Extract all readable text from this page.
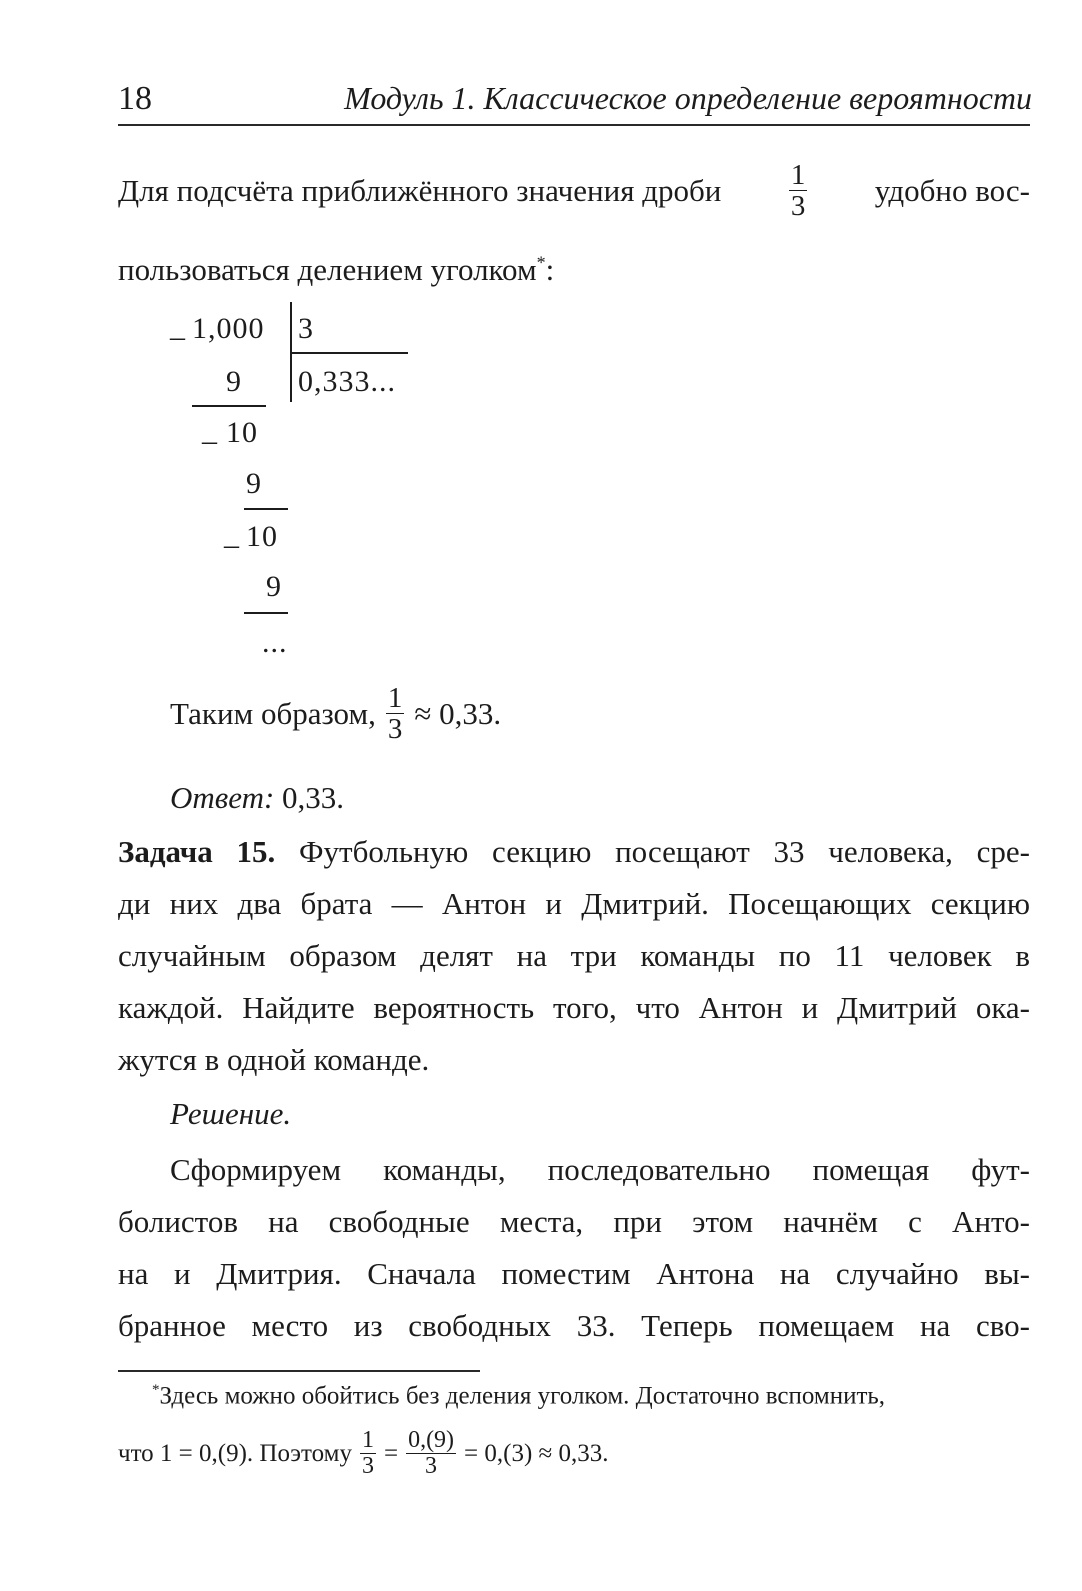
18	Модуль 1. Классическое определение вероятности
Для подсчёта приближённого значения дроби $\frac{1}{3}$ удобно вос-
пользоваться делением уголком*:
_ 1,000 3
0,333...
9
_ 10
9
_ 10
9
...
Таким образом, $\frac{1}{3} \approx 0,33$.
Ответ: 0,33.
Задача 15. Футбольную секцию посещают 33 человека, сре-
ди них два брата — Антон и Дмитрий. Посещающих секцию
случайным образом делят на три команды по 11 человек в
каждой. Найдите вероятность того, что Антон и Дмитрий ока-
жутся в одной команде.
Решение.
Сформируем команды, последовательно помещая фут-
болистов на свободные места, при этом начнём с Анто-
на и Дмитрия. Сначала поместим Антона на случайно вы-
бранное место из свободных 33. Теперь помещаем на сво-
*Здесь можно обойтись без деления уголком. Достаточно вспомнить,
что 1 = 0,(9). Поэтому $\frac{1}{3} = \frac{0,(9)}{3} = 0,(3) \approx 0,33$.
